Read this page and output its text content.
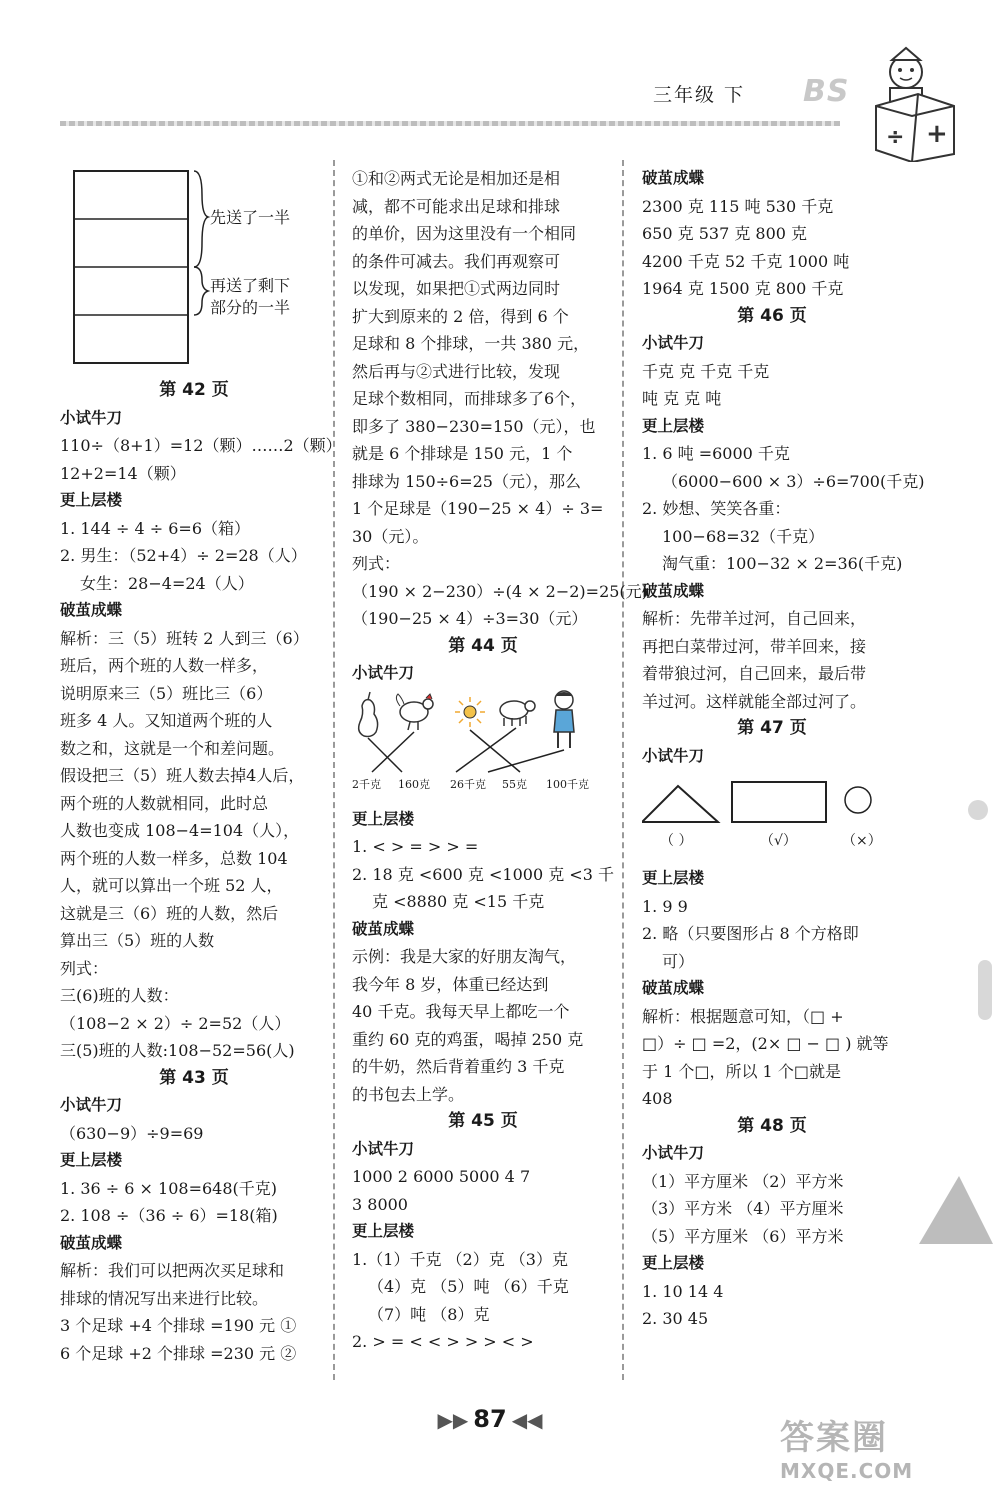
三年级 下 BS
÷ +
先送了一半
再送了剩下
部分的一半
第 42 页
小试牛刀
110÷（8+1）=12（颗）……2（颗）
12+2=14（颗）
更上层楼
1. 144 ÷ 4 ÷ 6=6（箱）
2. 男生：（52+4）÷ 2=28（人）
女生：28−4=24（人）
破茧成蝶
解析：三（5）班转 2 人到三（6）
班后，两个班的人数一样多，
说明原来三（5）班比三（6）
班多 4 人。又知道两个班的人
数之和，这就是一个和差问题。
假设把三（5）班人数去掉4人后，
两个班的人数就相同，此时总
人数也变成 108−4=104（人），
两个班的人数一样多，总数 104
人，就可以算出一个班 52 人，
这就是三（6）班的人数，然后
算出三（5）班的人数
列式：
三(6)班的人数：
（108−2 × 2）÷ 2=52（人）
三(5)班的人数:108−52=56(人)
第 43 页
小试牛刀
（630−9）÷9=69
更上层楼
1. 36 ÷ 6 × 108=648(千克)
2. 108 ÷（36 ÷ 6）=18(箱)
破茧成蝶
解析：我们可以把两次买足球和
排球的情况写出来进行比较。
3 个足球 +4 个排球 =190 元 ①
6 个足球 +2 个排球 =230 元 ②
①和②两式无论是相加还是相
减，都不可能求出足球和排球
的单价，因为这里没有一个相同
的条件可减去。我们再观察可
以发现，如果把①式两边同时
扩大到原来的 2 倍，得到 6 个
足球和 8 个排球，一共 380 元，
然后再与②式进行比较，发现
足球个数相同，而排球多了6个，
即多了 380−230=150（元），也
就是 6 个排球是 150 元，1 个
排球为 150÷6=25（元），那么
1 个足球是（190−25 × 4）÷ 3=
30（元）。
列式：
（190 × 2−230）÷(4 × 2−2)=25(元)
（190−25 × 4）÷3=30（元）
第 44 页
小试牛刀
2千克 160克 26千克 55克 100千克
更上层楼
1. < > = > > =
2. 18 克 <600 克 <1000 克 <3 千
克 <8880 克 <15 千克
破茧成蝶
示例：我是大家的好朋友淘气，
我今年 8 岁，体重已经达到
40 千克。我每天早上都吃一个
重约 60 克的鸡蛋，喝掉 250 克
的牛奶，然后背着重约 3 千克
的书包去上学。
第 45 页
小试牛刀
1000 2 6000 5000 4 7
3 8000
更上层楼
1.（1）千克 （2）克 （3）克
（4）克 （5）吨 （6）千克
（7）吨 （8）克
2. > = < < > > > < >
破茧成蝶
2300 克 115 吨 530 千克
650 克 537 克 800 克
4200 千克 52 千克 1000 吨
1964 克 1500 克 800 千克
第 46 页
小试牛刀
千克 克 千克 千克
吨 克 克 吨
更上层楼
1. 6 吨 =6000 千克
（6000−600 × 3）÷6=700(千克)
2. 妙想、笑笑各重：
100−68=32（千克）
淘气重：100−32 × 2=36(千克)
破茧成蝶
解析：先带羊过河，自己回来，
再把白菜带过河，带羊回来，接
着带狼过河，自己回来，最后带
羊过河。这样就能全部过河了。
第 47 页
小试牛刀
（ ）	（√）	（×）
更上层楼
1. 9 9
2. 略（只要图形占 8 个方格即
可）
破茧成蝶
解析：根据题意可知，（□ +
□）÷ □ =2，(2× □ − □ ) 就等
于 1 个□，所以 1 个□就是
408
第 48 页
小试牛刀
（1）平方厘米 （2）平方米
（3）平方米 （4）平方厘米
（5）平方厘米 （6）平方米
更上层楼
1. 10 14 4
2. 30 45
▶▶ 87 ◀◀	答案圈
MXQE.COM
